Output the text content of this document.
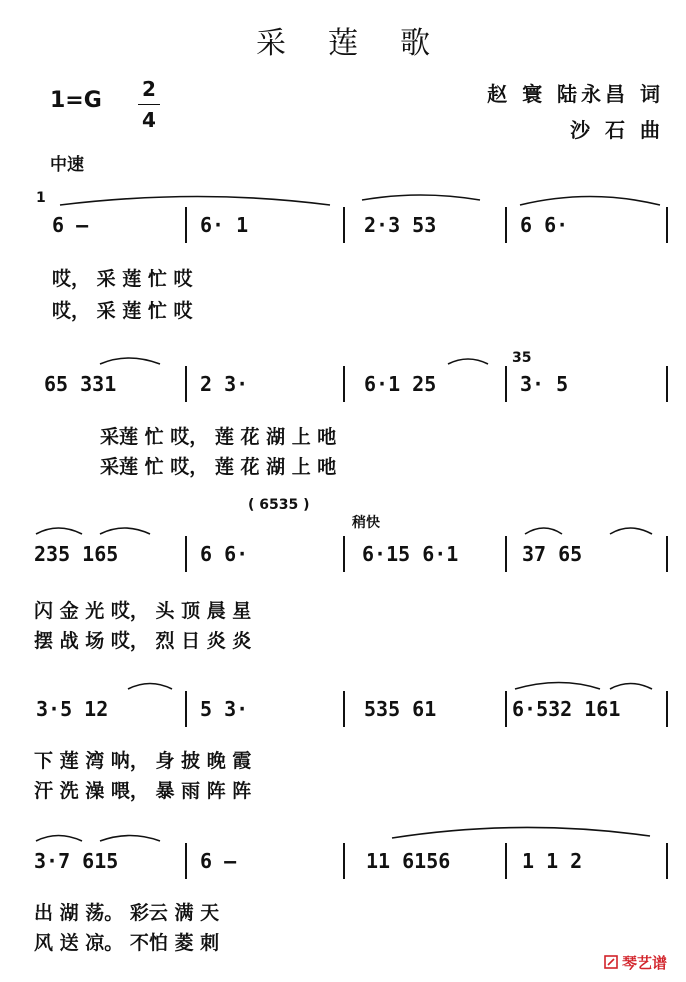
采莲歌
1=G 2
4
赵 寰 陆永昌 词
沙 石 曲
中速
1
6 —	6· 1	2·3 53	6 6·
哎， 采 莲 忙 哎
哎， 采 莲 忙 哎
35
65 331	2 3·	6·1 25	3· 5
采莲 忙 哎， 莲 花 湖 上 吔
采莲 忙 哎， 莲 花 湖 上 吔
( 6535 )
稍快
235 165	6 6·	6·15 6·1	37 65
闪 金 光 哎， 头 顶 晨 星
摆 战 场 哎， 烈 日 炎 炎
3·5 12	5 3·	535 61	6·532 161
下 莲 湾 呐， 身 披 晚 霞
汗 洗 澡 喂， 暴 雨 阵 阵
3·7 615	6 —	11 6156	1 1 2
出 湖 荡。 彩云 满 天
风 送 凉。 不怕 菱 刺
琴艺谱
